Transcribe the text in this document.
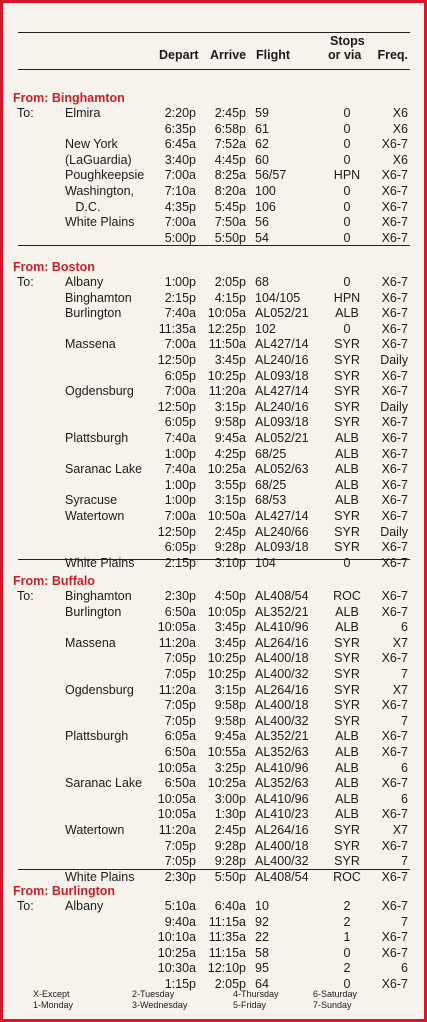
Depart Arrive Flight
Stops
or via Freq.
From: Binghamton
To:	Elmira	2:20p 2:45p 59	0	X6
6:35p 6:58p 61	0	X6
New York	6:45a 7:52a 62	0	X6-7
(LaGuardia)	3:40p 4:45p 60	0	X6
Poughkeepsie 7:00a 8:25a 56/57	HPN	X6-7
Washington, 7:10a 8:20a 100	0	X6-7
D.C.	4:35p 5:45p 106	0	X6-7
White Plains 7:00a 7:50a 56	0	X6-7
5:00p 5:50p 54	0	X6-7
From: Boston
To:	Albany	1:00p 2:05p 68	0	X6-7
Binghamton	2:15p 4:15p 104/105	HPN	X6-7
Burlington	7:40a 10:05a AL052/21	ALB	X6-7
11:35a 12:25p 102	0	X6-7
Massena	7:00a 11:50a AL427/14	SYR	X6-7
12:50p 3:45p AL240/16	SYR	Daily
6:05p 10:25p AL093/18	SYR	X6-7
Ogdensburg 7:00a 11:20a AL427/14	SYR	X6-7
12:50p 3:15p AL240/16	SYR	Daily
6:05p 9:58p AL093/18	SYR	X6-7
Plattsburgh	7:40a 9:45a AL052/21	ALB	X6-7
1:00p 4:25p 68/25	ALB	X6-7
Saranac Lake 7:40a 10:25a AL052/63	ALB	X6-7
1:00p 3:55p 68/25	ALB	X6-7
Syracuse	1:00p 3:15p 68/53	ALB	X6-7
Watertown	7:00a 10:50a AL427/14	SYR	X6-7
12:50p 2:45p AL240/66	SYR	Daily
6:05p 9:28p AL093/18	SYR	X6-7
White Plains 2:15p 3:10p 104	0	X6-7
From: Buffalo
To:	Binghamton	2:30p 4:50p AL408/54	ROC	X6-7
Burlington	6:50a 10:05p AL352/21	ALB	X6-7
10:05a 3:45p AL410/96	ALB	6
Massena	11:20a 3:45p AL264/16	SYR	X7
7:05p 10:25p AL400/18	SYR	X6-7
7:05p 10:25p AL400/32	SYR	7
Ogdensburg 11:20a 3:15p AL264/16	SYR	X7
7:05p 9:58p AL400/18	SYR	X6-7
7:05p 9:58p AL400/32	SYR	7
Plattsburgh	6:05a 9:45a AL352/21	ALB	X6-7
6:50a 10:55a AL352/63	ALB	X6-7
10:05a 3:25p AL410/96	ALB	6
Saranac Lake 6:50a 10:25a AL352/63	ALB	X6-7
10:05a 3:00p AL410/96	ALB	6
10:05a 1:30p AL410/23	ALB	X6-7
Watertown	11:20a 2:45p AL264/16	SYR	X7
7:05p 9:28p AL400/18	SYR	X6-7
7:05p 9:28p AL400/32	SYR	7
White Plains 2:30p 5:50p AL408/54	ROC	X6-7
From: Burlington
To:	Albany	5:10a 6:40a 10	2	X6-7
9:40a 11:15a 92	2	7
10:10a 11:35a 22	1	X6-7
10:25a 11:15a 58	0	X6-7
10:30a 12:10p 95	2	6
1:15p 2:05p 64	0	X6-7
X-Except
1-Monday
2-Tuesday
3-Wednesday
4-Thursday
5-Friday
6-Saturday
7-Sunday
